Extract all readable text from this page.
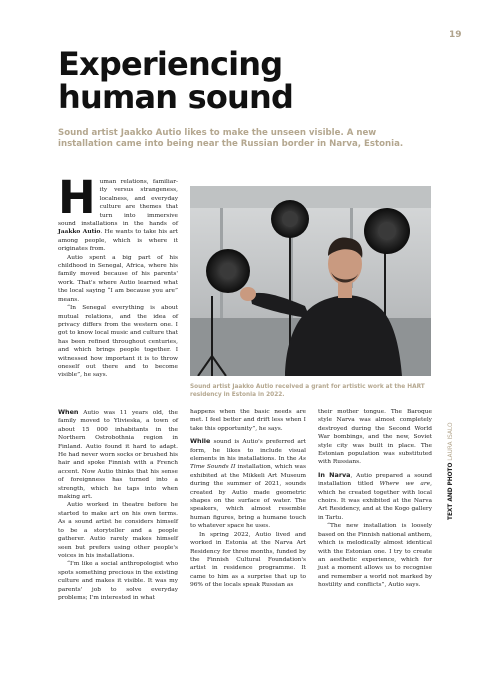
19
Experiencing
human sound

Sound artist Jaakko Autio likes to make the unseen visible. A new installation came into being near the Russian border in Narva, Estonia.

Human relations, familiarity versus strangeness, localness, and everyday culture are themes that turn into immersive sound installations in the hands of Jaakko Autio. He wants to take his art among people, which is where it originates from.

Autio spent a big part of his childhood in Senegal, Africa, where his family moved because of his parents' work. That's where Autio learned what the local saying “I am because you are” means.

“In Senegal everything is about mutual relations, and the idea of privacy differs from the western one. I got to know local music and culture that has been refined throughout centuries, and which brings people together. I witnessed how important it is to throw oneself out there and to become visible”, he says.

Sound artist Jaakko Autio received a grant for artistic work at the HART residency in Estonia in 2022.

When Autio was 11 years old, the family moved to Ylivieska, a town of about 15 000 inhabitants in the Northern Ostrobothnia region in Finland. Autio found it hard to adapt. He had never worn socks or brushed his hair and spoke Finnish with a French accent. Now Autio thinks that his sense of foreignness has turned into a strength, which he taps into when making art.

Autio worked in theatre before he started to make art on his own terms. As a sound artist he considers himself to be a storyteller and a people gatherer. Autio rarely makes himself seen but prefers using other people's voices in his installations.

“I'm like a social anthropologist who spots something precious in the existing culture and makes it visible. It was my parents' job to solve everyday problems; I'm interested in what

happens when the basic needs are met. I feel better and drift less when I take this opportunity”, he says.

While sound is Autio's preferred art form, he likes to include visual elements in his installations. In the As Time Sounds II installation, which was exhibited at the Mikkeli Art Museum during the summer of 2021, sounds created by Autio made geometric shapes on the surface of water. The speakers, which almost resemble human figures, bring a humane touch to whatever space he uses.

In spring 2022, Autio lived and worked in Estonia at the Narva Art Residency for three months, funded by the Finnish Cultural Foundation's artist in residence programme. It came to him as a surprise that up to 96% of the locals speak Russian as

their mother tongue. The Baroque style Narva was almost completely destroyed during the Second World War bombings, and the new, Soviet style city was built in place. The Estonian population was substituted with Russians.

In Narva, Autio prepared a sound installation titled Where we are, which he created together with local choirs. It was exhibited at the Narva Art Residency, and at the Kogo gallery in Tartu.

“The new installation is loosely based on the Finnish national anthem, which is melodically almost identical with the Estonian one. I try to create an aesthetic experience, which for just a moment allows us to recognise and remember a world not marked by hostility and conflicts”, Autio says.

TEXT AND PHOTO LAURA ISALO
